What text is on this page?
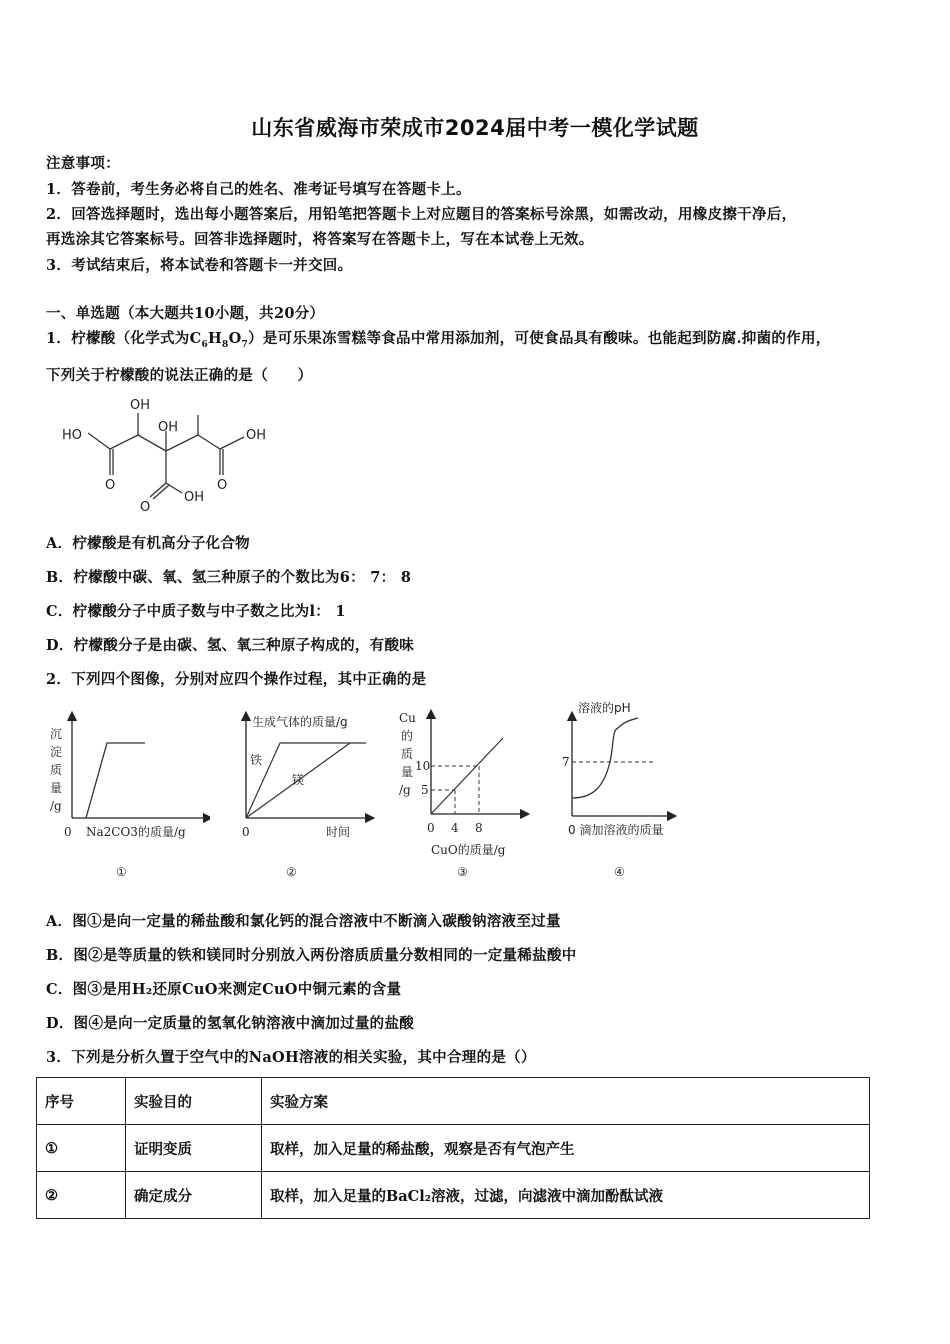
山东省威海市荣成市2024届中考一模化学试题
注意事项：
1．答卷前，考生务必将自己的姓名、准考证号填写在答题卡上。
2．回答选择题时，选出每小题答案后，用铅笔把答题卡上对应题目的答案标号涂黑，如需改动，用橡皮擦干净后，
再选涂其它答案标号。回答非选择题时，将答案写在答题卡上，写在本试卷上无效。
3．考试结束后，将本试卷和答题卡一并交回。
一、单选题（本大题共10小题，共20分）
1．柠檬酸（化学式为$C_6H_8O_7$）是可乐果冻雪糕等食品中常用添加剂，可使食品具有酸味。也能起到防腐.抑菌的作用，
下列关于柠檬酸的说法正确的是（　　）
OH
HO
OH
OH
O	O
OH
O
A．柠檬酸是有机高分子化合物
B．柠檬酸中碳、氧、氢三种原子的个数比为6： 7： 8
C．柠檬酸分子中质子数与中子数之比为l： 1
D．柠檬酸分子是由碳、氢、氧三种原子构成的，有酸味
2．下列四个图像，分别对应四个操作过程，其中正确的是
沉
淀
质
量
/g
0 Na2CO3的质量/g
①
生成气体的质量/g
铁
镁
0	时间
②
Cu
的
质
量
/g
10
5
0 4 8
CuO的质量/g
③
溶液的pH
7
0 滴加溶液的质量
④
A．图①是向一定量的稀盐酸和氯化钙的混合溶液中不断滴入碳酸钠溶液至过量
B．图②是等质量的铁和镁同时分别放入两份溶质质量分数相同的一定量稀盐酸中
C．图③是用H₂还原CuO来测定CuO中铜元素的含量
D．图④是向一定质量的氢氧化钠溶液中滴加过量的盐酸
3．下列是分析久置于空气中的NaOH溶液的相关实验，其中合理的是（）
序号	实验目的	实验方案
①	证明变质	取样，加入足量的稀盐酸，观察是否有气泡产生
②	确定成分	取样，加入足量的BaCl₂溶液，过滤，向滤液中滴加酚酞试液
